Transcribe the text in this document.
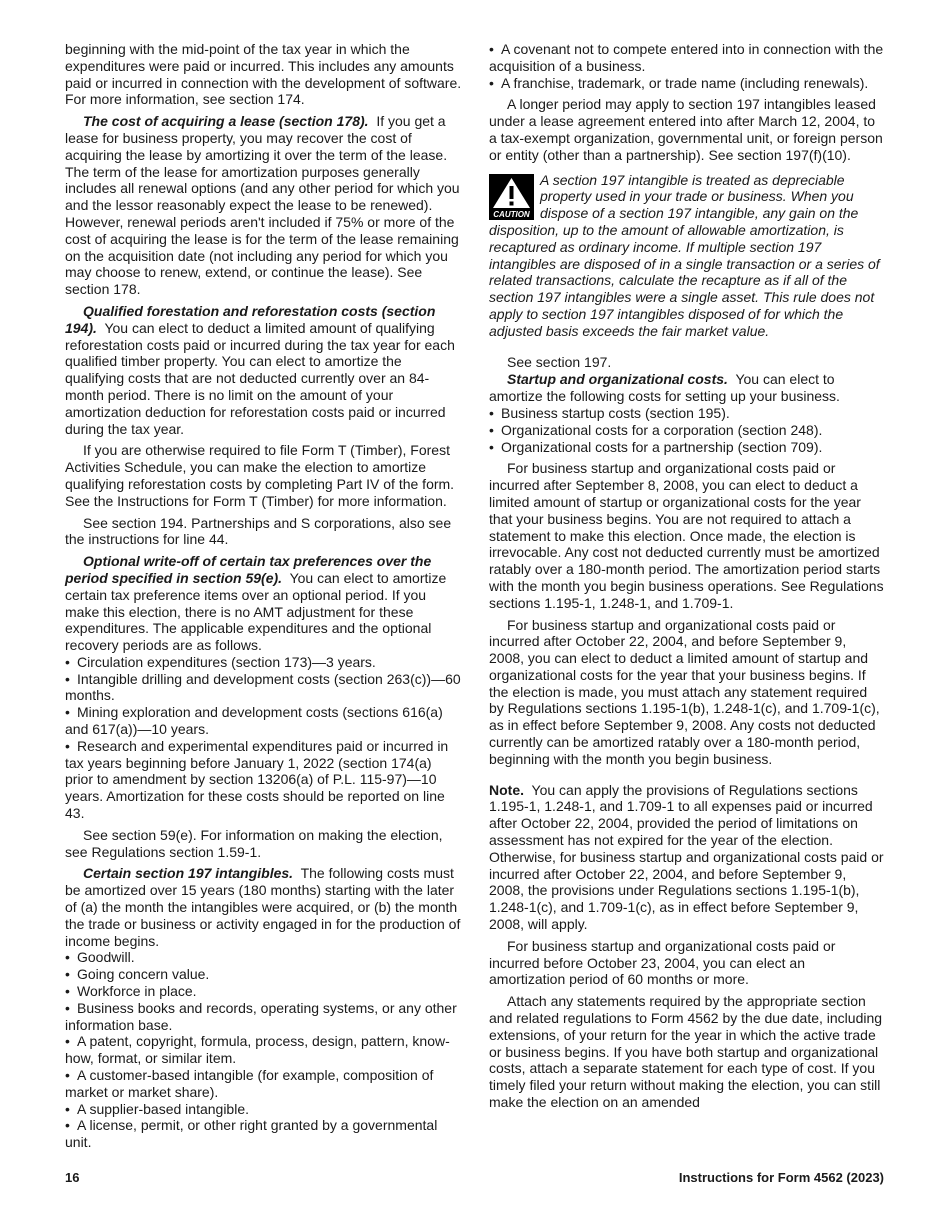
beginning with the mid-point of the tax year in which the expenditures were paid or incurred. This includes any amounts paid or incurred in connection with the development of software. For more information, see section 174.

The cost of acquiring a lease (section 178). If you get a lease for business property, you may recover the cost of acquiring the lease by amortizing it over the term of the lease. The term of the lease for amortization purposes generally includes all renewal options (and any other period for which you and the lessor reasonably expect the lease to be renewed). However, renewal periods aren't included if 75% or more of the cost of acquiring the lease is for the term of the lease remaining on the acquisition date (not including any period for which you may choose to renew, extend, or continue the lease). See section 178.

Qualified forestation and reforestation costs (section 194). You can elect to deduct a limited amount of qualifying reforestation costs paid or incurred during the tax year for each qualified timber property. You can elect to amortize the qualifying costs that are not deducted currently over an 84-month period. There is no limit on the amount of your amortization deduction for reforestation costs paid or incurred during the tax year.

If you are otherwise required to file Form T (Timber), Forest Activities Schedule, you can make the election to amortize qualifying reforestation costs by completing Part IV of the form. See the Instructions for Form T (Timber) for more information.

See section 194. Partnerships and S corporations, also see the instructions for line 44.

Optional write-off of certain tax preferences over the period specified in section 59(e). You can elect to amortize certain tax preference items over an optional period. If you make this election, there is no AMT adjustment for these expenditures. The applicable expenditures and the optional recovery periods are as follows.

• Circulation expenditures (section 173)—3 years.

• Intangible drilling and development costs (section 263(c))—60 months.

• Mining exploration and development costs (sections 616(a) and 617(a))—10 years.

• Research and experimental expenditures paid or incurred in tax years beginning before January 1, 2022 (section 174(a) prior to amendment by section 13206(a) of P.L. 115-97)—10 years. Amortization for these costs should be reported on line 43.

See section 59(e). For information on making the election, see Regulations section 1.59-1.

Certain section 197 intangibles. The following costs must be amortized over 15 years (180 months) starting with the later of (a) the month the intangibles were acquired, or (b) the month the trade or business or activity engaged in for the production of income begins.

• Goodwill.

• Going concern value.

• Workforce in place.

• Business books and records, operating systems, or any other information base.

• A patent, copyright, formula, process, design, pattern, know-how, format, or similar item.

• A customer-based intangible (for example, composition of market or market share).

• A supplier-based intangible.

• A license, permit, or other right granted by a governmental unit.

• A covenant not to compete entered into in connection with the acquisition of a business.

• A franchise, trademark, or trade name (including renewals).

A longer period may apply to section 197 intangibles leased under a lease agreement entered into after March 12, 2004, to a tax-exempt organization, governmental unit, or foreign person or entity (other than a partnership). See section 197(f)(10).

CAUTION
A section 197 intangible is treated as depreciable property used in your trade or business. When you dispose of a section 197 intangible, any gain on the disposition, up to the amount of allowable amortization, is recaptured as ordinary income. If multiple section 197 intangibles are disposed of in a single transaction or a series of related transactions, calculate the recapture as if all of the section 197 intangibles were a single asset. This rule does not apply to section 197 intangibles disposed of for which the adjusted basis exceeds the fair market value.

See section 197.

Startup and organizational costs. You can elect to amortize the following costs for setting up your business.

• Business startup costs (section 195).

• Organizational costs for a corporation (section 248).

• Organizational costs for a partnership (section 709).

For business startup and organizational costs paid or incurred after September 8, 2008, you can elect to deduct a limited amount of startup or organizational costs for the year that your business begins. You are not required to attach a statement to make this election. Once made, the election is irrevocable. Any cost not deducted currently must be amortized ratably over a 180-month period. The amortization period starts with the month you begin business operations. See Regulations sections 1.195-1, 1.248-1, and 1.709-1.

For business startup and organizational costs paid or incurred after October 22, 2004, and before September 9, 2008, you can elect to deduct a limited amount of startup and organizational costs for the year that your business begins. If the election is made, you must attach any statement required by Regulations sections 1.195-1(b), 1.248-1(c), and 1.709-1(c), as in effect before September 9, 2008. Any costs not deducted currently can be amortized ratably over a 180-month period, beginning with the month you begin business.

Note. You can apply the provisions of Regulations sections 1.195-1, 1.248-1, and 1.709-1 to all expenses paid or incurred after October 22, 2004, provided the period of limitations on assessment has not expired for the year of the election. Otherwise, for business startup and organizational costs paid or incurred after October 22, 2004, and before September 9, 2008, the provisions under Regulations sections 1.195-1(b), 1.248-1(c), and 1.709-1(c), as in effect before September 9, 2008, will apply.

For business startup and organizational costs paid or incurred before October 23, 2004, you can elect an amortization period of 60 months or more.

Attach any statements required by the appropriate section and related regulations to Form 4562 by the due date, including extensions, of your return for the year in which the active trade or business begins. If you have both startup and organizational costs, attach a separate statement for each type of cost. If you timely filed your return without making the election, you can still make the election on an amended

16	Instructions for Form 4562 (2023)
